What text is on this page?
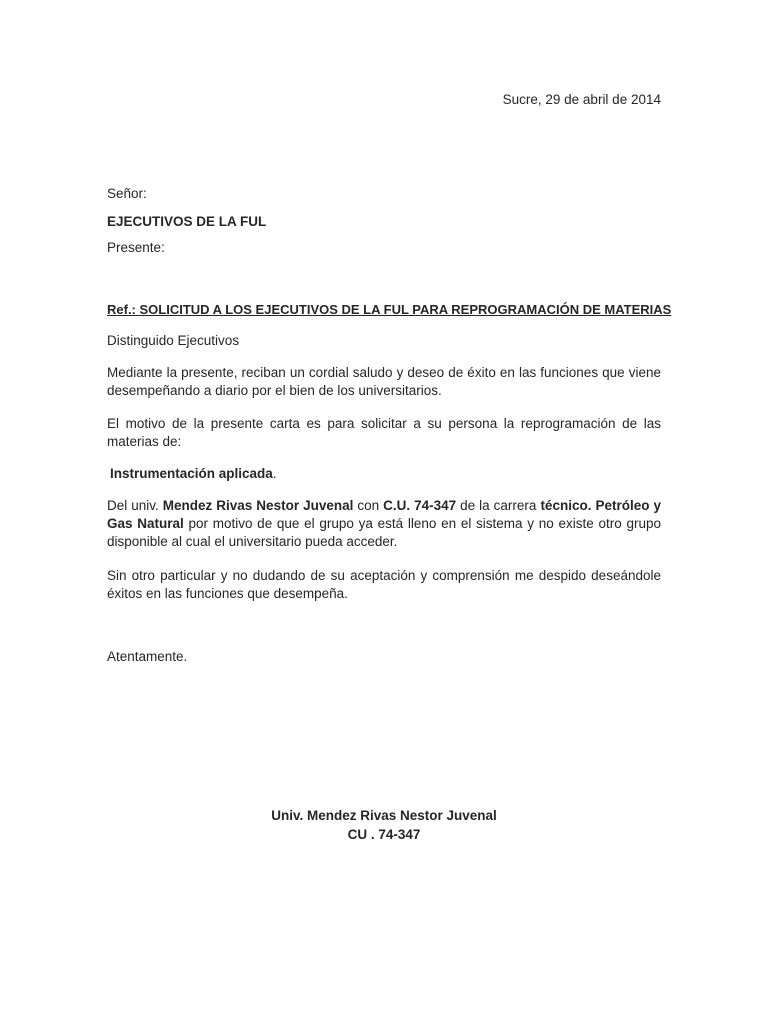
Sucre, 29 de abril de 2014
Señor:
EJECUTIVOS DE LA FUL
Presente:
Ref.: SOLICITUD A LOS EJECUTIVOS DE LA FUL PARA REPROGRAMACIÓN DE MATERIAS
Distinguido Ejecutivos
Mediante la presente, reciban un cordial saludo y deseo de éxito en las funciones que viene desempeñando a diario por el bien de los universitarios.
El motivo de la presente carta es para solicitar a su persona la reprogramación de las materias de:
Instrumentación aplicada.
Del univ. Mendez Rivas Nestor Juvenal con C.U. 74-347 de la carrera técnico. Petróleo y Gas Natural por motivo de que el grupo ya está lleno en el sistema y no existe otro grupo disponible al cual el universitario pueda acceder.
Sin otro particular y no dudando de su aceptación y comprensión me despido deseándole éxitos en las funciones que desempeña.
Atentamente.
Univ. Mendez Rivas Nestor Juvenal
CU . 74-347
